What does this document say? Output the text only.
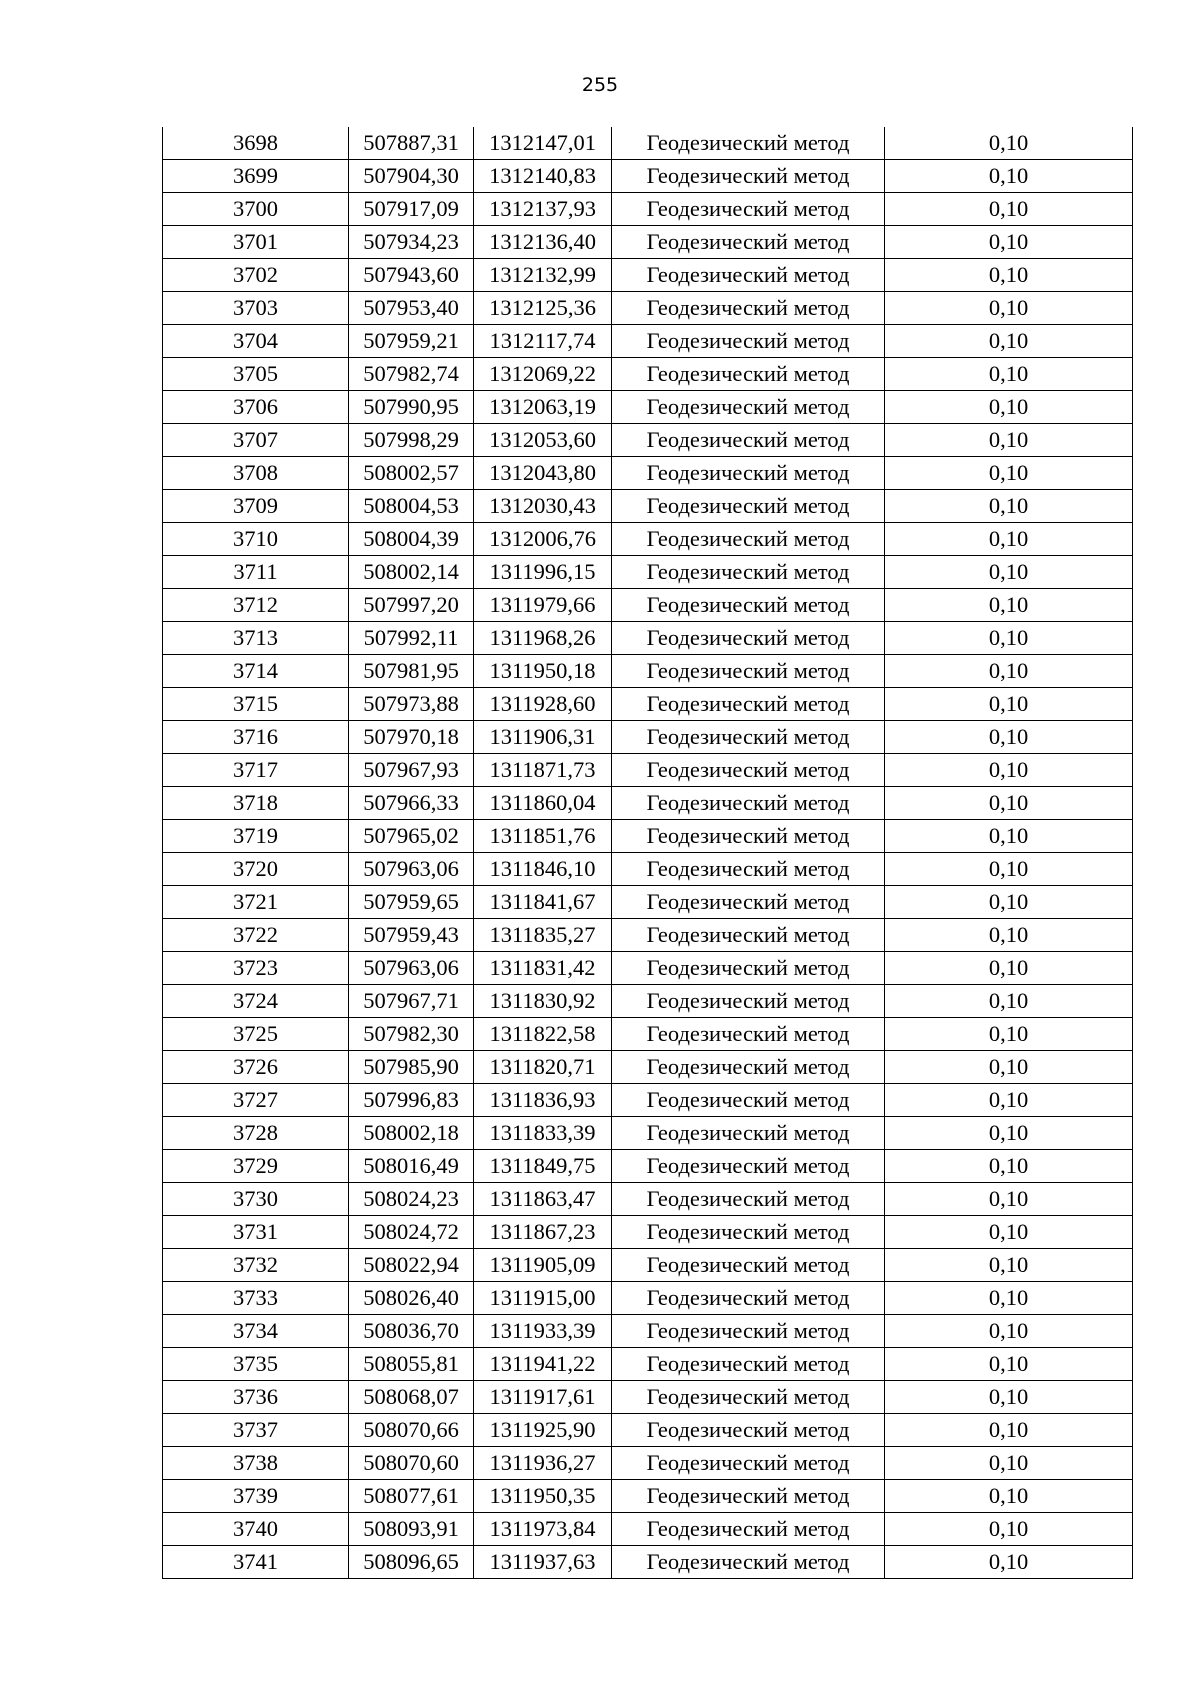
255
3698	507887,31	1312147,01	Геодезический метод	0,10
3699	507904,30	1312140,83	Геодезический метод	0,10
3700	507917,09	1312137,93	Геодезический метод	0,10
3701	507934,23	1312136,40	Геодезический метод	0,10
3702	507943,60	1312132,99	Геодезический метод	0,10
3703	507953,40	1312125,36	Геодезический метод	0,10
3704	507959,21	1312117,74	Геодезический метод	0,10
3705	507982,74	1312069,22	Геодезический метод	0,10
3706	507990,95	1312063,19	Геодезический метод	0,10
3707	507998,29	1312053,60	Геодезический метод	0,10
3708	508002,57	1312043,80	Геодезический метод	0,10
3709	508004,53	1312030,43	Геодезический метод	0,10
3710	508004,39	1312006,76	Геодезический метод	0,10
3711	508002,14	1311996,15	Геодезический метод	0,10
3712	507997,20	1311979,66	Геодезический метод	0,10
3713	507992,11	1311968,26	Геодезический метод	0,10
3714	507981,95	1311950,18	Геодезический метод	0,10
3715	507973,88	1311928,60	Геодезический метод	0,10
3716	507970,18	1311906,31	Геодезический метод	0,10
3717	507967,93	1311871,73	Геодезический метод	0,10
3718	507966,33	1311860,04	Геодезический метод	0,10
3719	507965,02	1311851,76	Геодезический метод	0,10
3720	507963,06	1311846,10	Геодезический метод	0,10
3721	507959,65	1311841,67	Геодезический метод	0,10
3722	507959,43	1311835,27	Геодезический метод	0,10
3723	507963,06	1311831,42	Геодезический метод	0,10
3724	507967,71	1311830,92	Геодезический метод	0,10
3725	507982,30	1311822,58	Геодезический метод	0,10
3726	507985,90	1311820,71	Геодезический метод	0,10
3727	507996,83	1311836,93	Геодезический метод	0,10
3728	508002,18	1311833,39	Геодезический метод	0,10
3729	508016,49	1311849,75	Геодезический метод	0,10
3730	508024,23	1311863,47	Геодезический метод	0,10
3731	508024,72	1311867,23	Геодезический метод	0,10
3732	508022,94	1311905,09	Геодезический метод	0,10
3733	508026,40	1311915,00	Геодезический метод	0,10
3734	508036,70	1311933,39	Геодезический метод	0,10
3735	508055,81	1311941,22	Геодезический метод	0,10
3736	508068,07	1311917,61	Геодезический метод	0,10
3737	508070,66	1311925,90	Геодезический метод	0,10
3738	508070,60	1311936,27	Геодезический метод	0,10
3739	508077,61	1311950,35	Геодезический метод	0,10
3740	508093,91	1311973,84	Геодезический метод	0,10
3741	508096,65	1311937,63	Геодезический метод	0,10
